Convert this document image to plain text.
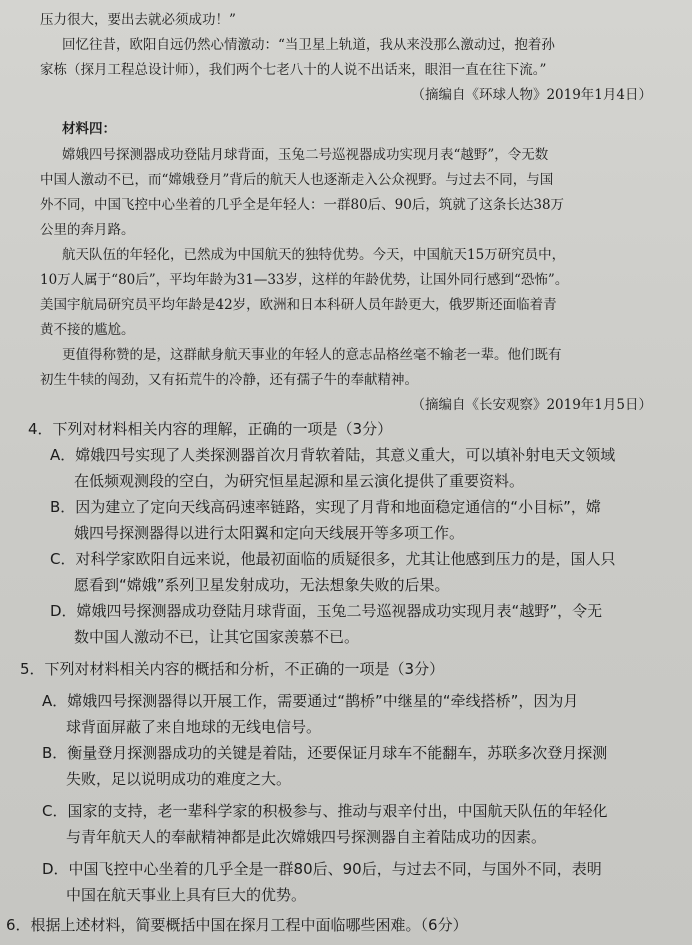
压力很大，要出去就必须成功！”
回忆往昔，欧阳自远仍然心情激动：“当卫星上轨道，我从来没那么激动过，抱着孙
家栋（探月工程总设计师），我们两个七老八十的人说不出话来，眼泪一直在往下流。”
（摘编自《环球人物》2019年1月4日）
材料四：
嫦娥四号探测器成功登陆月球背面，玉兔二号巡视器成功实现月表“越野”，令无数
中国人激动不已，而“嫦娥登月”背后的航天人也逐渐走入公众视野。与过去不同，与国
外不同，中国飞控中心坐着的几乎全是年轻人：一群80后、90后，筑就了这条长达38万
公里的奔月路。
航天队伍的年轻化，已然成为中国航天的独特优势。今天，中国航天15万研究员中，
10万人属于“80后”，平均年龄为31—33岁，这样的年龄优势，让国外同行感到“恐怖”。
美国宇航局研究员平均年龄是42岁，欧洲和日本科研人员年龄更大，俄罗斯还面临着青
黄不接的尴尬。
更值得称赞的是，这群献身航天事业的年轻人的意志品格丝毫不输老一辈。他们既有
初生牛犊的闯劲，又有拓荒牛的冷静，还有孺子牛的奉献精神。
（摘编自《长安观察》2019年1月5日）
4．下列对材料相关内容的理解，正确的一项是（3分）
A．嫦娥四号实现了人类探测器首次月背软着陆，其意义重大，可以填补射电天文领域
在低频观测段的空白，为研究恒星起源和星云演化提供了重要资料。
B．因为建立了定向天线高码速率链路，实现了月背和地面稳定通信的“小目标”，嫦
娥四号探测器得以进行太阳翼和定向天线展开等多项工作。
C．对科学家欧阳自远来说，他最初面临的质疑很多，尤其让他感到压力的是，国人只
愿看到“嫦娥”系列卫星发射成功，无法想象失败的后果。
D．嫦娥四号探测器成功登陆月球背面，玉兔二号巡视器成功实现月表“越野”，令无
数中国人激动不已，让其它国家羡慕不已。
5．下列对材料相关内容的概括和分析，不正确的一项是（3分）
A．嫦娥四号探测器得以开展工作，需要通过“鹊桥”中继星的“牵线搭桥”，因为月
球背面屏蔽了来自地球的无线电信号。
B．衡量登月探测器成功的关键是着陆，还要保证月球车不能翻车，苏联多次登月探测
失败，足以说明成功的难度之大。
C．国家的支持，老一辈科学家的积极参与、推动与艰辛付出，中国航天队伍的年轻化
与青年航天人的奉献精神都是此次嫦娥四号探测器自主着陆成功的因素。
D．中国飞控中心坐着的几乎全是一群80后、90后，与过去不同，与国外不同，表明
中国在航天事业上具有巨大的优势。
6．根据上述材料，简要概括中国在探月工程中面临哪些困难。（6分）
